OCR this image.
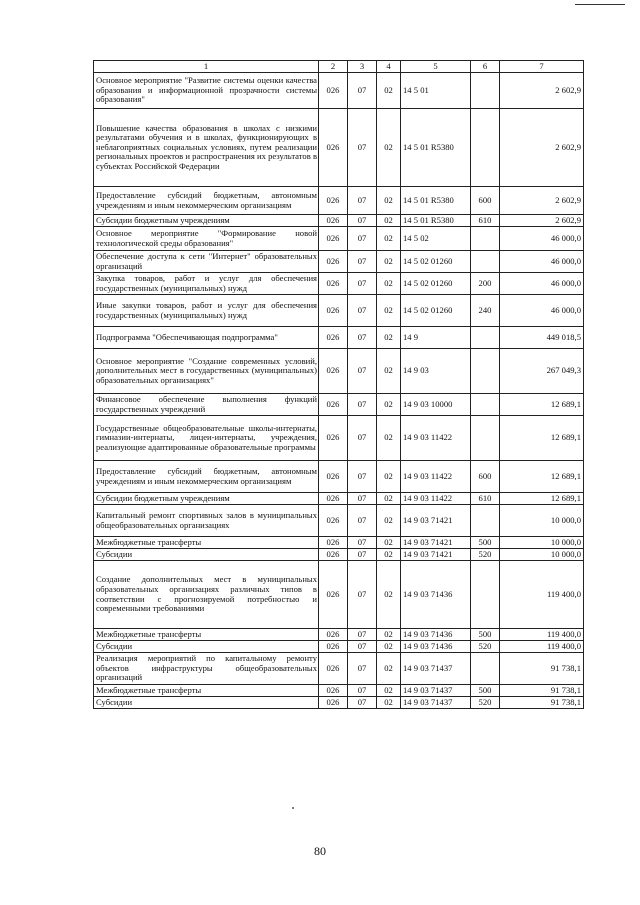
1	2	3	4	5	6	7
Основное мероприятие "Развитие системы оценки качества образования и информационной прозрачности системы образования"	026	07	02	14 5 01		2 602,9
Повышение качества образования в школах с низкими результатами обучения и в школах, функционирующих в неблагоприятных социальных условиях, путем реализации региональных проектов и распространения их результатов в субъектах Российской Федерации	026	07	02	14 5 01 R5380		2 602,9
Предоставление субсидий бюджетным, автономным учреждениям и иным некоммерческим организациям	026	07	02	14 5 01 R5380	600	2 602,9
Субсидии бюджетным учреждениям	026	07	02	14 5 01 R5380	610	2 602,9
Основное мероприятие "Формирование новой технологической среды образования"	026	07	02	14 5 02		46 000,0
Обеспечение доступа к сети "Интернет" образовательных организаций	026	07	02	14 5 02 01260		46 000,0
Закупка товаров, работ и услуг для обеспечения государственных (муниципальных) нужд	026	07	02	14 5 02 01260	200	46 000,0
Иные закупки товаров, работ и услуг для обеспечения государственных (муниципальных) нужд	026	07	02	14 5 02 01260	240	46 000,0
Подпрограмма "Обеспечивающая подпрограмма"	026	07	02	14 9		449 018,5
Основное мероприятие "Создание современных условий, дополнительных мест в государственных (муниципальных) образовательных организациях"	026	07	02	14 9 03		267 049,3
Финансовое обеспечение выполнения функций государственных учреждений	026	07	02	14 9 03 10000		12 689,1
Государственные общеобразовательные школы-интернаты, гимназии-интернаты, лицеи-интернаты, учреждения, реализующие адаптированные образовательные программы	026	07	02	14 9 03 11422		12 689,1
Предоставление субсидий бюджетным, автономным учреждениям и иным некоммерческим организациям	026	07	02	14 9 03 11422	600	12 689,1
Субсидии бюджетным учреждениям	026	07	02	14 9 03 11422	610	12 689,1
Капитальный ремонт спортивных залов в муниципальных общеобразовательных организациях	026	07	02	14 9 03 71421		10 000,0
Межбюджетные трансферты	026	07	02	14 9 03 71421	500	10 000,0
Субсидии	026	07	02	14 9 03 71421	520	10 000,0
Создание дополнительных мест в муниципальных образовательных организациях различных типов в соответствии с прогнозируемой потребностью и современными требованиями	026	07	02	14 9 03 71436		119 400,0
Межбюджетные трансферты	026	07	02	14 9 03 71436	500	119 400,0
Субсидии	026	07	02	14 9 03 71436	520	119 400,0
Реализация мероприятий по капитальному ремонту объектов инфраструктуры общеобразовательных организаций	026	07	02	14 9 03 71437		91 738,1
Межбюджетные трансферты	026	07	02	14 9 03 71437	500	91 738,1
Субсидии	026	07	02	14 9 03 71437	520	91 738,1
80
